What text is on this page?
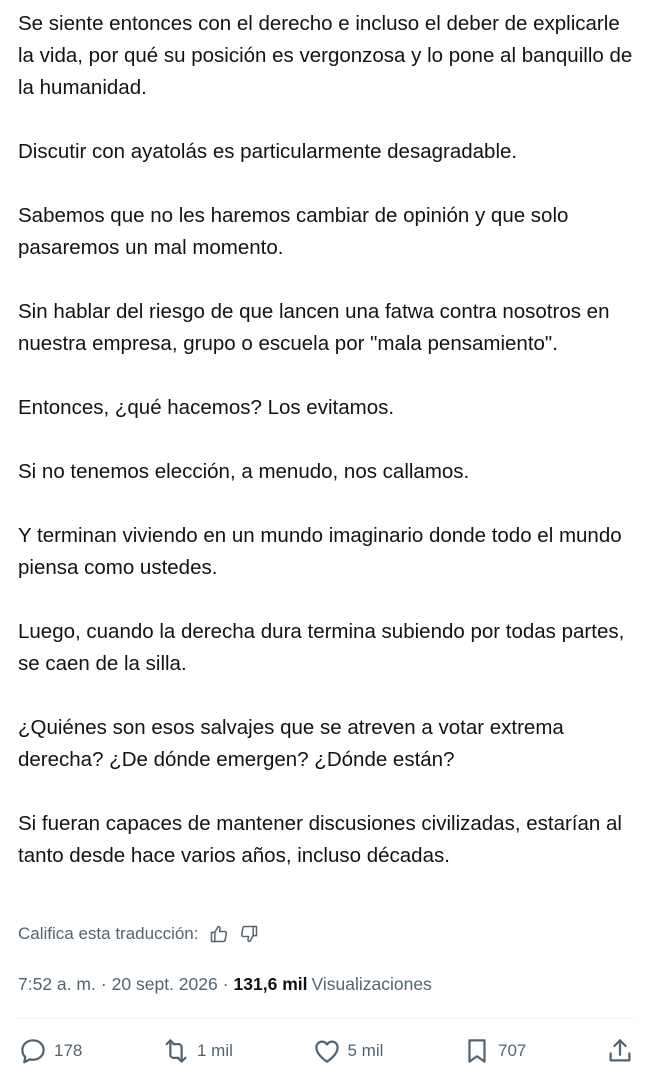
Se siente entonces con el derecho e incluso el deber de explicarle la vida, por qué su posición es vergonzosa y lo pone al banquillo de la humanidad.

Discutir con ayatolás es particularmente desagradable.

Sabemos que no les haremos cambiar de opinión y que solo pasaremos un mal momento.

Sin hablar del riesgo de que lancen una fatwa contra nosotros en nuestra empresa, grupo o escuela por "mala pensamiento".

Entonces, ¿qué hacemos? Los evitamos.

Si no tenemos elección, a menudo, nos callamos.

Y terminan viviendo en un mundo imaginario donde todo el mundo piensa como ustedes.

Luego, cuando la derecha dura termina subiendo por todas partes, se caen de la silla.

¿Quiénes son esos salvajes que se atreven a votar extrema derecha? ¿De dónde emergen? ¿Dónde están?

Si fueran capaces de mantener discusiones civilizadas, estarían al tanto desde hace varios años, incluso décadas.

Califica esta traducción:
7:52 a. m. · 20 sept. 2026 · 131,6 mil Visualizaciones
178	1 mil	5 mil	707
